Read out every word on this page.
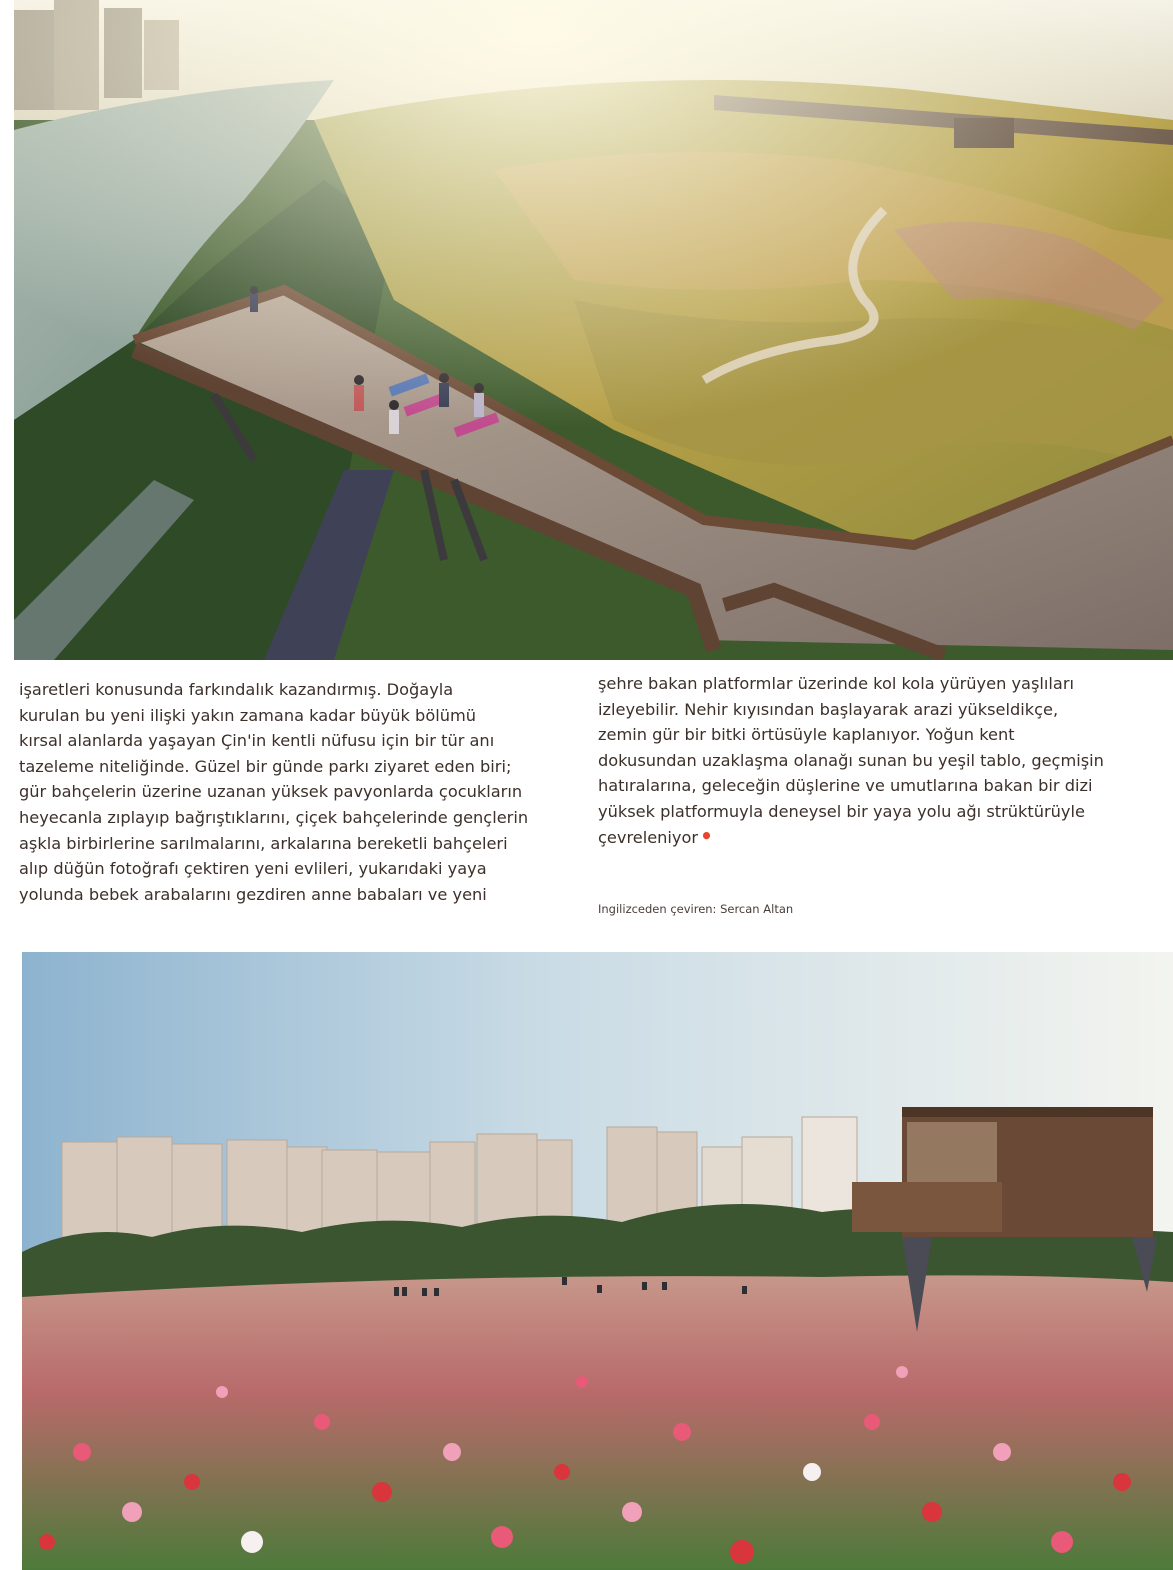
işaretleri konusunda farkındalık kazandırmış. Doğayla
kurulan bu yeni ilişki yakın zamana kadar büyük bölümü
kırsal alanlarda yaşayan Çin'in kentli nüfusu için bir tür anı
tazeleme niteliğinde. Güzel bir günde parkı ziyaret eden biri;
gür bahçelerin üzerine uzanan yüksek pavyonlarda çocukların
heyecanla zıplayıp bağrıştıklarını, çiçek bahçelerinde gençlerin
aşkla birbirlerine sarılmalarını, arkalarına bereketli bahçeleri
alıp düğün fotoğrafı çektiren yeni evlileri, yukarıdaki yaya
yolunda bebek arabalarını gezdiren anne babaları ve yeni

şehre bakan platformlar üzerinde kol kola yürüyen yaşlıları
izleyebilir. Nehir kıyısından başlayarak arazi yükseldikçe,
zemin gür bir bitki örtüsüyle kaplanıyor. Yoğun kent
dokusundan uzaklaşma olanağı sunan bu yeşil tablo, geçmişin
hatıralarına, geleceğin düşlerine ve umutlarına bakan bir dizi
yüksek platformuyla deneysel bir yaya yolu ağı strüktürüyle
çevreleniyor •

Ingilizceden çeviren: Sercan Altan
